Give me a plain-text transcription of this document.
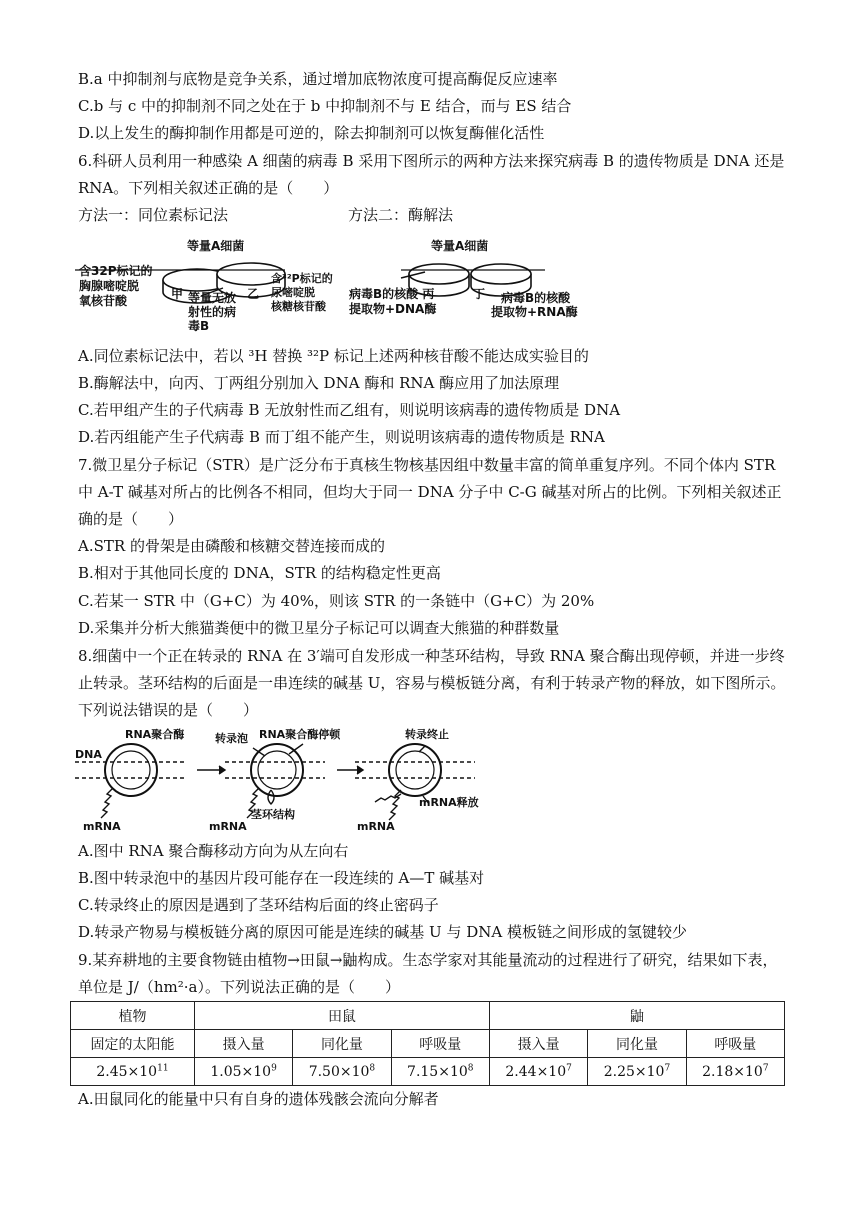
B.a 中抑制剂与底物是竞争关系，通过增加底物浓度可提高酶促反应速率
C.b 与 c 中的抑制剂不同之处在于 b 中抑制剂不与 E 结合，而与 ES 结合
D.以上发生的酶抑制作用都是可逆的，除去抑制剂可以恢复酶催化活性
6.科研人员利用一种感染 A 细菌的病毒 B 采用下图所示的两种方法来探究病毒 B 的遗传物质是 DNA 还是
RNA。下列相关叙述正确的是（　　）
方法一：同位素标记法	方法二：酶解法
等量A细菌
含32P标记的
胸腺嘧啶脱
氧核苷酸	甲	乙
等量无放
射性的病
毒B
含³²P标记的
尿嘧啶脱
核糖核苷酸
等量A细菌
病毒B的核酸 丙
提取物+DNA酶
丁 病毒B的核酸
提取物+RNA酶
A.同位素标记法中，若以 ³H 替换 ³²P 标记上述两种核苷酸不能达成实验目的
B.酶解法中，向丙、丁两组分别加入 DNA 酶和 RNA 酶应用了加法原理
C.若甲组产生的子代病毒 B 无放射性而乙组有，则说明该病毒的遗传物质是 DNA
D.若丙组能产生子代病毒 B 而丁组不能产生，则说明该病毒的遗传物质是 RNA
7.微卫星分子标记（STR）是广泛分布于真核生物核基因组中数量丰富的简单重复序列。不同个体内 STR
中 A-T 碱基对所占的比例各不相同，但均大于同一 DNA 分子中 C-G 碱基对所占的比例。下列相关叙述正
确的是（　　）
A.STR 的骨架是由磷酸和核糖交替连接而成的
B.相对于其他同长度的 DNA，STR 的结构稳定性更高
C.若某一 STR 中（G+C）为 40%，则该 STR 的一条链中（G+C）为 20%
D.采集并分析大熊猫粪便中的微卫星分子标记可以调查大熊猫的种群数量
8.细菌中一个正在转录的 RNA 在 3′端可自发形成一种茎环结构，导致 RNA 聚合酶出现停顿，并进一步终
止转录。茎环结构的后面是一串连续的碱基 U，容易与模板链分离，有利于转录产物的释放，如下图所示。
下列说法错误的是（　　）
RNA聚合酶
DNA
mRNA
转录泡 RNA聚合酶停顿
mRNA
茎环结构
转录终止
mRNA释放
mRNA
A.图中 RNA 聚合酶移动方向为从左向右
B.图中转录泡中的基因片段可能存在一段连续的 A—T 碱基对
C.转录终止的原因是遇到了茎环结构后面的终止密码子
D.转录产物易与模板链分离的原因可能是连续的碱基 U 与 DNA 模板链之间形成的氢键较少
9.某弃耕地的主要食物链由植物→田鼠→鼬构成。生态学家对其能量流动的过程进行了研究，结果如下表，
单位是 J/（hm²·a）。下列说法正确的是（　　）
植物	田鼠			鼬		
固定的太阳能	摄入量	同化量	呼吸量	摄入量	同化量	呼吸量
$2.45\times 10^{11}$	$1.05\times 10^9$	$7.50\times 10^8$	$7.15\times 10^8$	$2.44\times 10^7$	$2.25\times 10^7$	$2.18\times 10^7$
A.田鼠同化的能量中只有自身的遗体残骸会流向分解者
